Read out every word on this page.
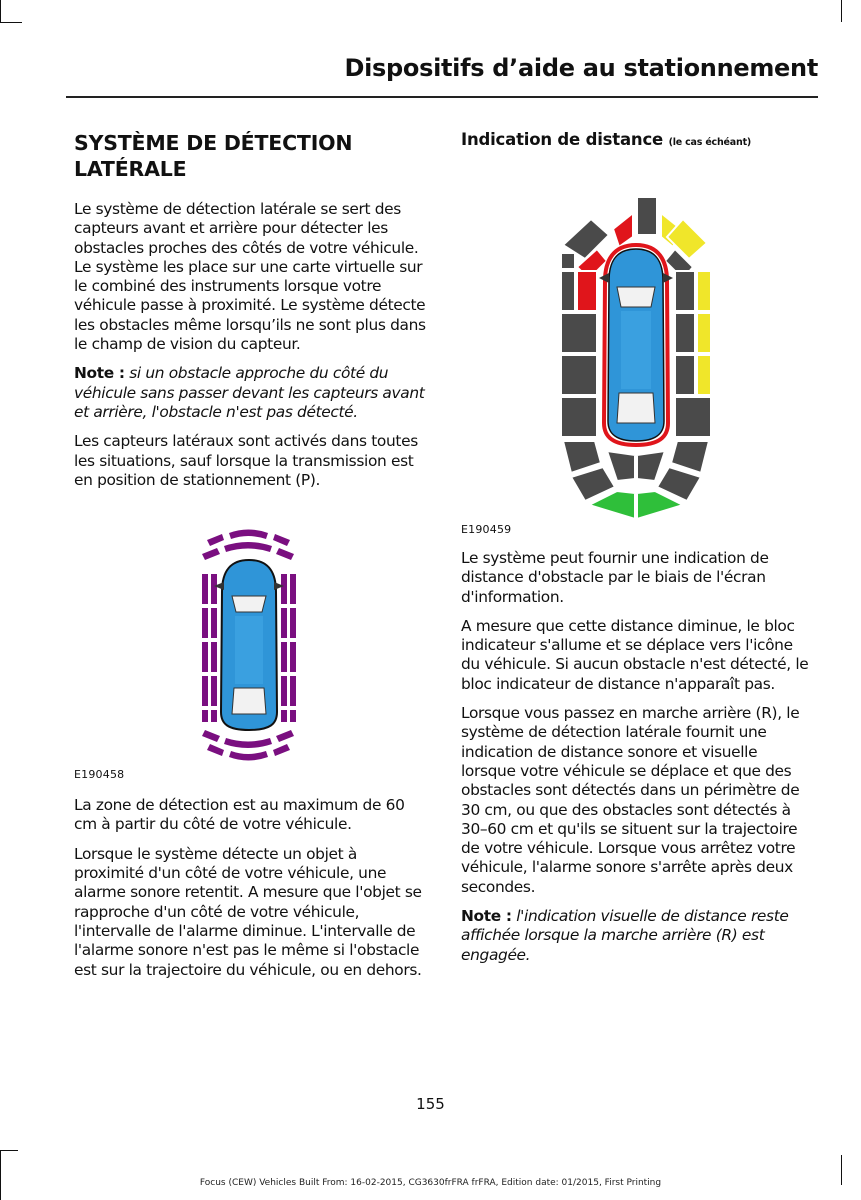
Dispositifs d’aide au stationnement
SYSTÈME DE DÉTECTION LATÉRALE

Le système de détection latérale se sert des capteurs avant et arrière pour détecter les obstacles proches des côtés de votre véhicule. Le système les place sur une carte virtuelle sur le combiné des instruments lorsque votre véhicule passe à proximité. Le système détecte les obstacles même lorsqu’ils ne sont plus dans le champ de vision du capteur.

Note : si un obstacle approche du côté du véhicule sans passer devant les capteurs avant et arrière, l'obstacle n'est pas détecté.

Les capteurs latéraux sont activés dans toutes les situations, sauf lorsque la transmission est en position de stationnement (P).

E190458

La zone de détection est au maximum de 60 cm à partir du côté de votre véhicule.

Lorsque le système détecte un objet à proximité d'un côté de votre véhicule, une alarme sonore retentit. A mesure que l'objet se rapproche d'un côté de votre véhicule, l'intervalle de l'alarme diminue. L'intervalle de l'alarme sonore n'est pas le même si l'obstacle est sur la trajectoire du véhicule, ou en dehors.

Indication de distance (le cas échéant)
E190459

Le système peut fournir une indication de distance d'obstacle par le biais de l'écran d'information.

A mesure que cette distance diminue, le bloc indicateur s'allume et se déplace vers l'icône du véhicule. Si aucun obstacle n'est détecté, le bloc indicateur de distance n'apparaît pas.

Lorsque vous passez en marche arrière (R), le système de détection latérale fournit une indication de distance sonore et visuelle lorsque votre véhicule se déplace et que des obstacles sont détectés dans un périmètre de 30 cm, ou que des obstacles sont détectés à 30–60 cm et qu'ils se situent sur la trajectoire de votre véhicule. Lorsque vous arrêtez votre véhicule, l'alarme sonore s'arrête après deux secondes.

Note : l'indication visuelle de distance reste affichée lorsque la marche arrière (R) est engagée.

155
Focus (CEW) Vehicles Built From: 16-02-2015, CG3630frFRA frFRA, Edition date: 01/2015, First Printing
